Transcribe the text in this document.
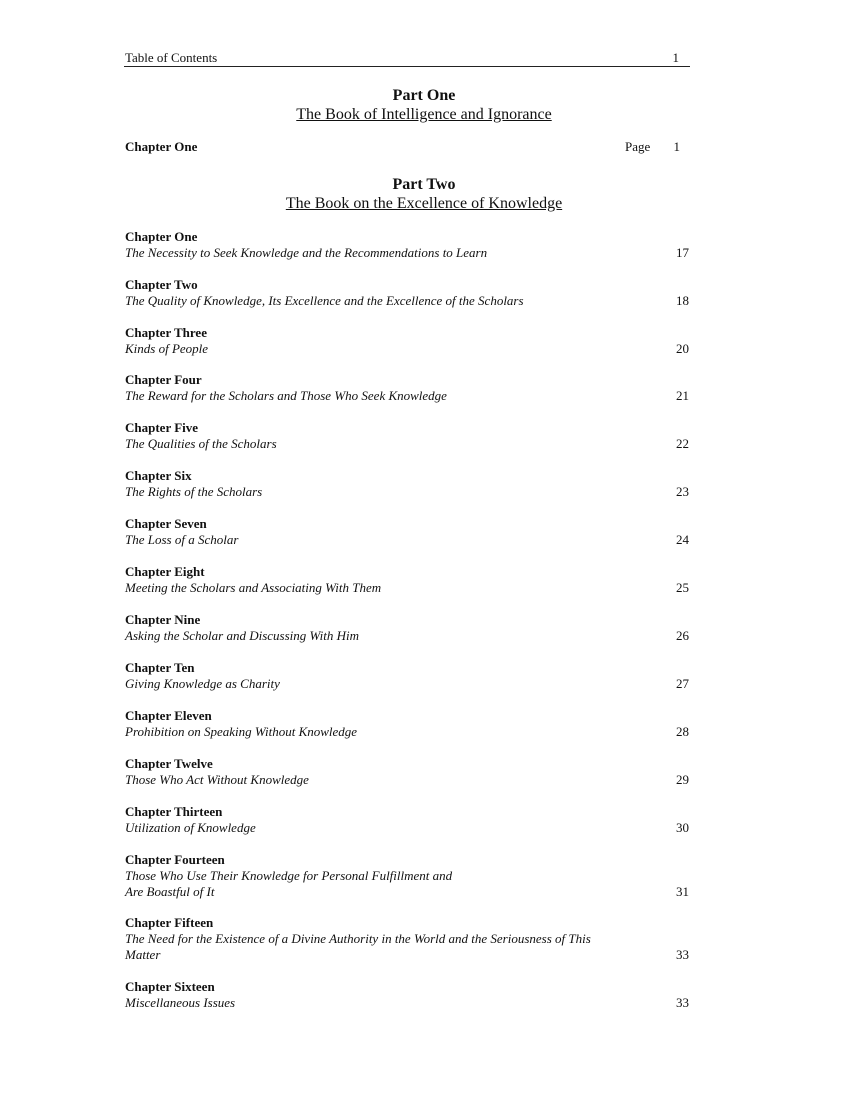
Table of Contents	1
Part One
The Book of Intelligence and Ignorance
Chapter One	Page 1
Part Two
The Book on the Excellence of Knowledge
Chapter One
The Necessity to Seek Knowledge and the Recommendations to Learn	17
Chapter Two
The Quality of Knowledge, Its Excellence and the Excellence of the Scholars	18
Chapter Three
Kinds of People	20
Chapter Four
The Reward for the Scholars and Those Who Seek Knowledge	21
Chapter Five
The Qualities of the Scholars	22
Chapter Six
The Rights of the Scholars	23
Chapter Seven
The Loss of a Scholar	24
Chapter Eight
Meeting the Scholars and Associating With Them	25
Chapter Nine
Asking the Scholar and Discussing With Him	26
Chapter Ten
Giving Knowledge as Charity	27
Chapter Eleven
Prohibition on Speaking Without Knowledge	28
Chapter Twelve
Those Who Act Without Knowledge	29
Chapter Thirteen
Utilization of Knowledge	30
Chapter Fourteen
Those Who Use Their Knowledge for Personal Fulfillment and Are Boastful of It	31
Chapter Fifteen
The Need for the Existence of a Divine Authority in the World and the Seriousness of This Matter	33
Chapter Sixteen
Miscellaneous Issues	33
